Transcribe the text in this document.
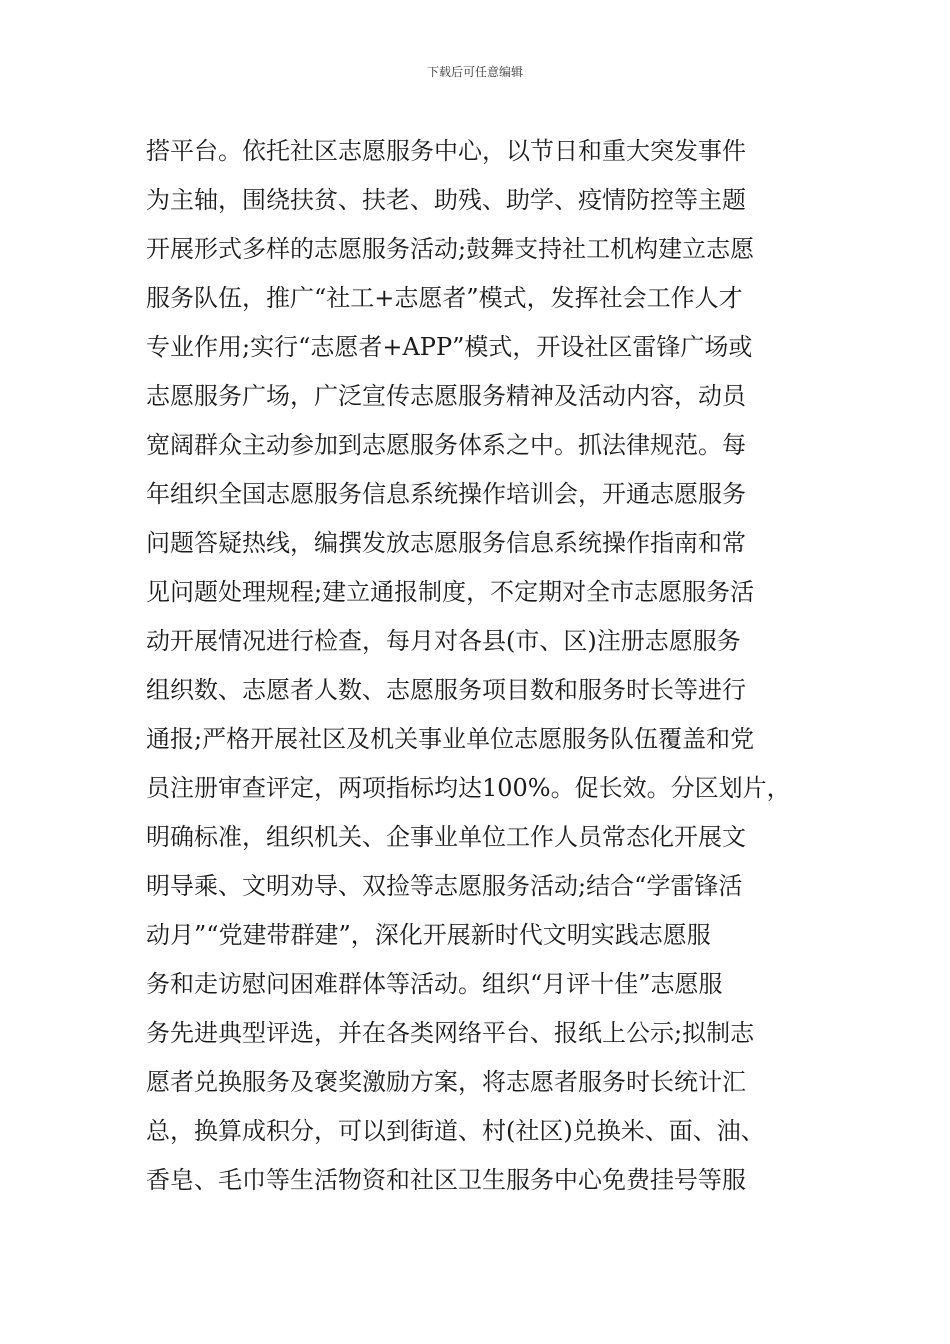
下载后可任意编辑
搭平台。依托社区志愿服务中心，以节日和重大突发事件
为主轴，围绕扶贫、扶老、助残、助学、疫情防控等主题
开展形式多样的志愿服务活动;鼓舞支持社工机构建立志愿
服务队伍，推广“社工+志愿者”模式，发挥社会工作人才
专业作用;实行“志愿者+APP”模式，开设社区雷锋广场或
志愿服务广场，广泛宣传志愿服务精神及活动内容，动员
宽阔群众主动参加到志愿服务体系之中。抓法律规范。每
年组织全国志愿服务信息系统操作培训会，开通志愿服务
问题答疑热线，编撰发放志愿服务信息系统操作指南和常
见问题处理规程;建立通报制度，不定期对全市志愿服务活
动开展情况进行检查，每月对各县(市、区)注册志愿服务
组织数、志愿者人数、志愿服务项目数和服务时长等进行
通报;严格开展社区及机关事业单位志愿服务队伍覆盖和党
员注册审查评定，两项指标均达100%。促长效。分区划片，
明确标准，组织机关、企事业单位工作人员常态化开展文
明导乘、文明劝导、双捡等志愿服务活动;结合“学雷锋活
动月”“党建带群建”，深化开展新时代文明实践志愿服
务和走访慰问困难群体等活动。组织“月评十佳”志愿服
务先进典型评选，并在各类网络平台、报纸上公示;拟制志
愿者兑换服务及褒奖激励方案，将志愿者服务时长统计汇
总，换算成积分，可以到街道、村(社区)兑换米、面、油、
香皂、毛巾等生活物资和社区卫生服务中心免费挂号等服
